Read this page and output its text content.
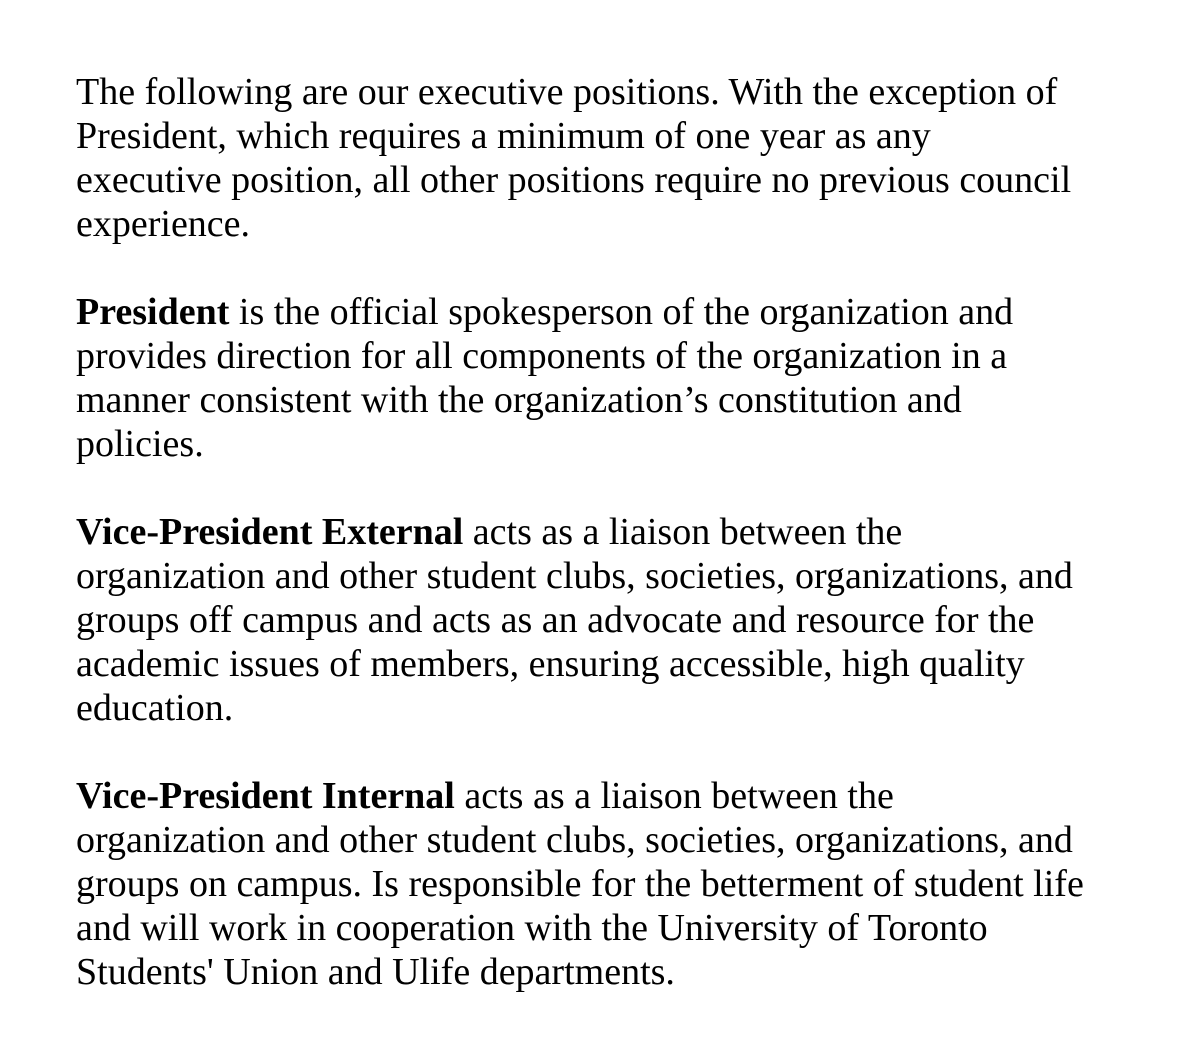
The following are our executive positions. With the exception of
President, which requires a minimum of one year as any
executive position, all other positions require no previous council
experience.

President is the official spokesperson of the organization and
provides direction for all components of the organization in a
manner consistent with the organization’s constitution and
policies.

Vice-President External acts as a liaison between the
organization and other student clubs, societies, organizations, and
groups off campus and acts as an advocate and resource for the
academic issues of members, ensuring accessible, high quality
education.

Vice-President Internal acts as a liaison between the
organization and other student clubs, societies, organizations, and
groups on campus. Is responsible for the betterment of student life
and will work in cooperation with the University of Toronto
Students' Union and Ulife departments.
